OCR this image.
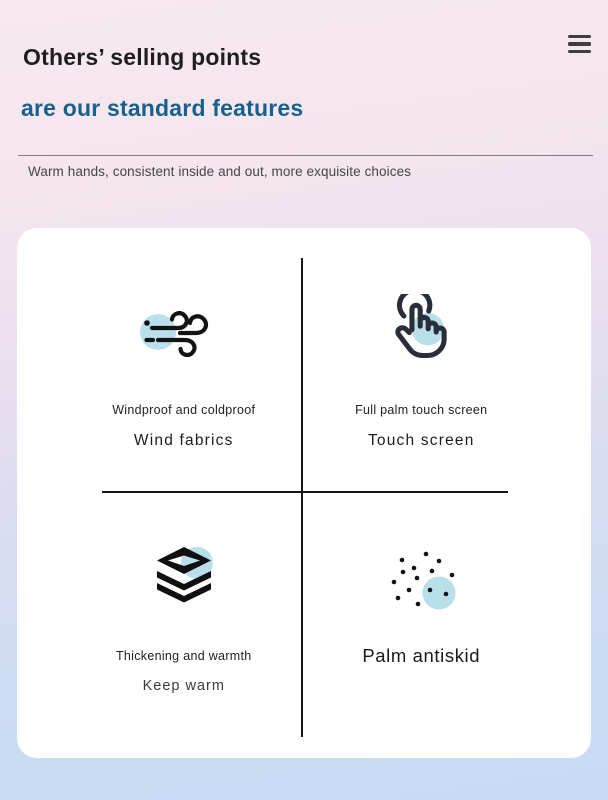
Others’ selling points
are our standard features

Warm hands, consistent inside and out, more exquisite choices

Windproof and coldproof
Wind fabrics
Full palm touch screen
Touch screen
Thickening and warmth
Keep warm
Palm antiskid
